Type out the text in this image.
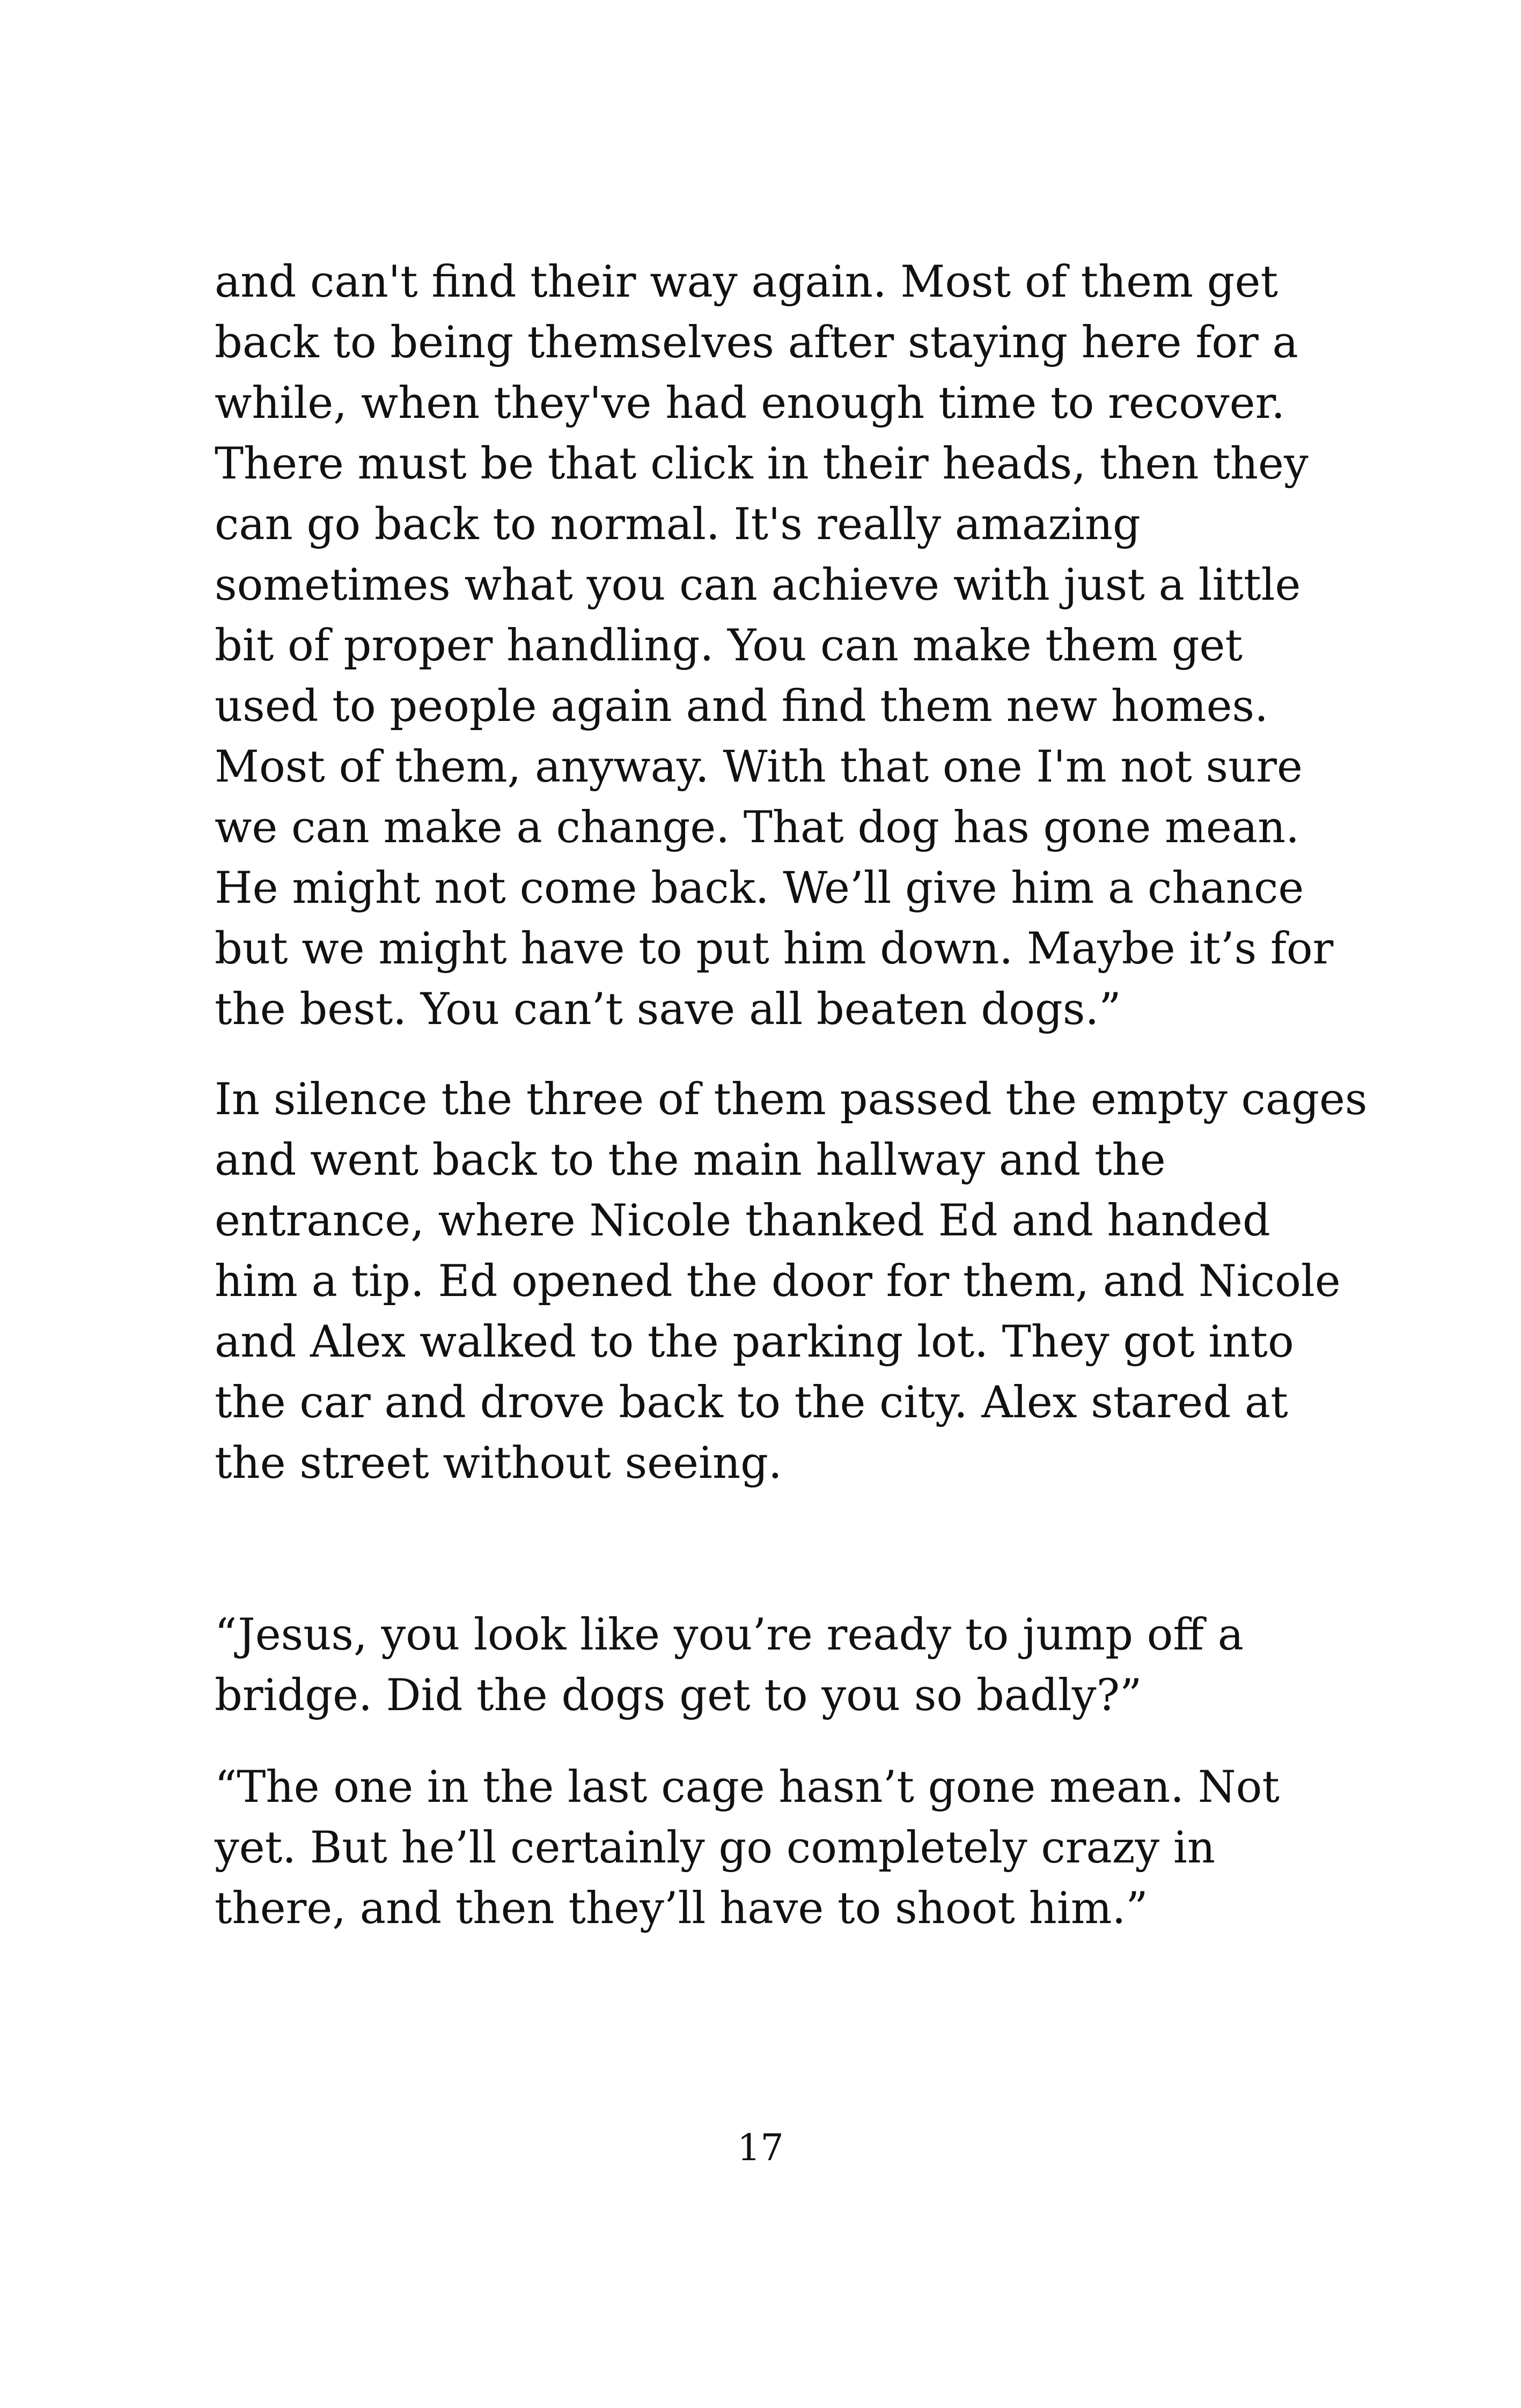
and can't find their way again. Most of them get
back to being themselves after staying here for a
while, when they've had enough time to recover.
There must be that click in their heads, then they
can go back to normal. It's really amazing
sometimes what you can achieve with just a little
bit of proper handling. You can make them get
used to people again and find them new homes.
Most of them, anyway. With that one I'm not sure
we can make a change. That dog has gone mean.
He might not come back. We’ll give him a chance
but we might have to put him down. Maybe it’s for
the best. You can’t save all beaten dogs.”

In silence the three of them passed the empty cages
and went back to the main hallway and the
entrance, where Nicole thanked Ed and handed
him a tip. Ed opened the door for them, and Nicole
and Alex walked to the parking lot. They got into
the car and drove back to the city. Alex stared at
the street without seeing.

“Jesus, you look like you’re ready to jump off a
bridge. Did the dogs get to you so badly?”

“The one in the last cage hasn’t gone mean. Not
yet. But he’ll certainly go completely crazy in
there, and then they’ll have to shoot him.”

17
